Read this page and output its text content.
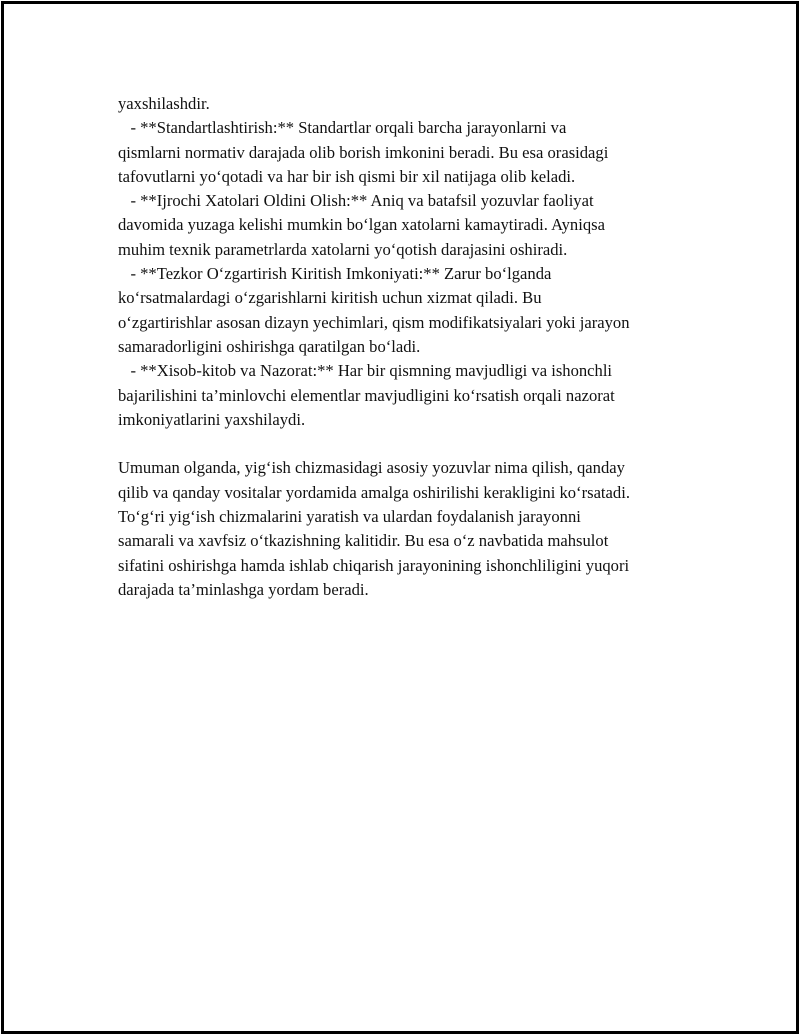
yaxshilashdir.
- **Standartlashtirish:** Standartlar orqali barcha jarayonlarni va
qismlarni normativ darajada olib borish imkonini beradi. Bu esa orasidagi
tafovutlarni yo‘qotadi va har bir ish qismi bir xil natijaga olib keladi.
- **Ijrochi Xatolari Oldini Olish:** Aniq va batafsil yozuvlar faoliyat
davomida yuzaga kelishi mumkin bo‘lgan xatolarni kamaytiradi. Ayniqsa
muhim texnik parametrlarda xatolarni yo‘qotish darajasini oshiradi.
- **Tezkor O‘zgartirish Kiritish Imkoniyati:** Zarur bo‘lganda
ko‘rsatmalardagi o‘zgarishlarni kiritish uchun xizmat qiladi. Bu
o‘zgartirishlar asosan dizayn yechimlari, qism modifikatsiyalari yoki jarayon
samaradorligini oshirishga qaratilgan bo‘ladi.
- **Xisob-kitob va Nazorat:** Har bir qismning mavjudligi va ishonchli
bajarilishini ta’minlovchi elementlar mavjudligini ko‘rsatish orqali nazorat
imkoniyatlarini yaxshilaydi.
Umuman olganda, yig‘ish chizmasidagi asosiy yozuvlar nima qilish, qanday
qilib va qanday vositalar yordamida amalga oshirilishi kerakligini ko‘rsatadi.
To‘g‘ri yig‘ish chizmalarini yaratish va ulardan foydalanish jarayonni
samarali va xavfsiz o‘tkazishning kalitidir. Bu esa o‘z navbatida mahsulot
sifatini oshirishga hamda ishlab chiqarish jarayonining ishonchliligini yuqori
darajada ta’minlashga yordam beradi.
